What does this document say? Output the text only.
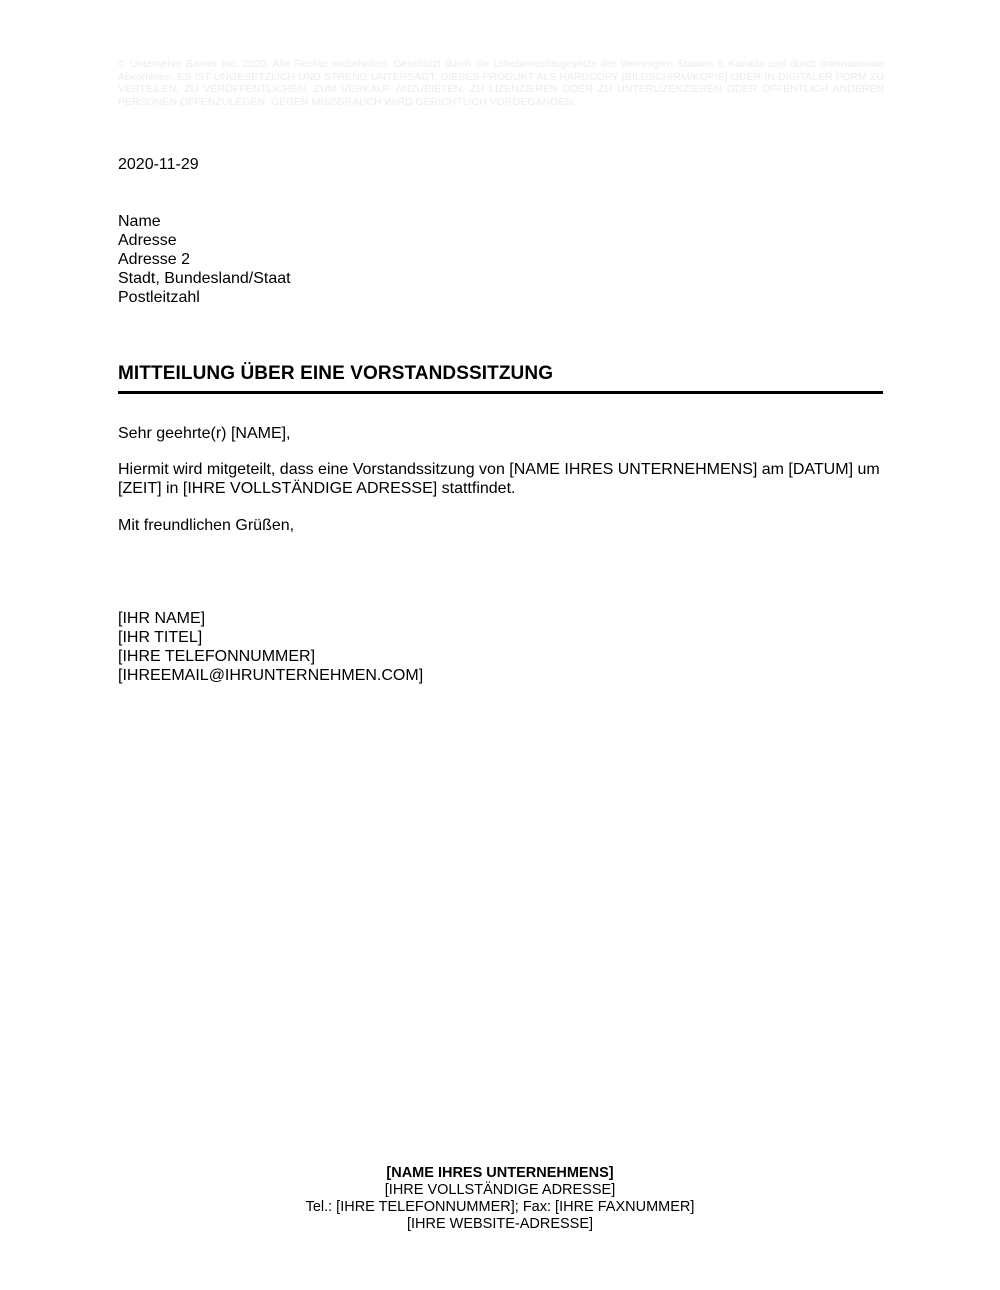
© Unternehm Barrier Inc. 2020. Alle Rechte vorbehalten. Geschützt durch die Urheberrechtsgesetze der Vereinigten Staaten & Kanada und durch internationale Abkommen. ES IST UNGESETZLICH UND STRENG UNTERSAGT, DIESES PRODUKT ALS HARDCOPY [BILDSCHIRM/KOPIE] ODER IN DIGITALER FORM ZU VERTEILEN, ZU VERÖFFENTLICHEN, ZUM VERKAUF ANZUBIETEN, ZU LIZENZIEREN ODER ZU UNTERLIZENZIEREN ODER ÖFFENTLICH ANDEREN PERSONEN OFFENZULEGEN. GEGEN MISSBRAUCH WIRD GERICHTLICH VORGEGANGEN.
2020-11-29
Name
Adresse
Adresse 2
Stadt, Bundesland/Staat
Postleitzahl
MITTEILUNG ÜBER EINE VORSTANDSSITZUNG
Sehr geehrte(r) [NAME],
Hiermit wird mitgeteilt, dass eine Vorstandssitzung von [NAME IHRES UNTERNEHMENS] am [DATUM] um [ZEIT] in [IHRE VOLLSTÄNDIGE ADRESSE] stattfindet.
Mit freundlichen Grüßen,
[IHR NAME]
[IHR TITEL]
[IHRE TELEFONNUMMER]
[IHREEMAIL@IHRUNTERNEHMEN.COM]
[NAME IHRES UNTERNEHMENS]
[IHRE VOLLSTÄNDIGE ADRESSE]
Tel.: [IHRE TELEFONNUMMER]; Fax: [IHRE FAXNUMMER]
[IHRE WEBSITE-ADRESSE]
